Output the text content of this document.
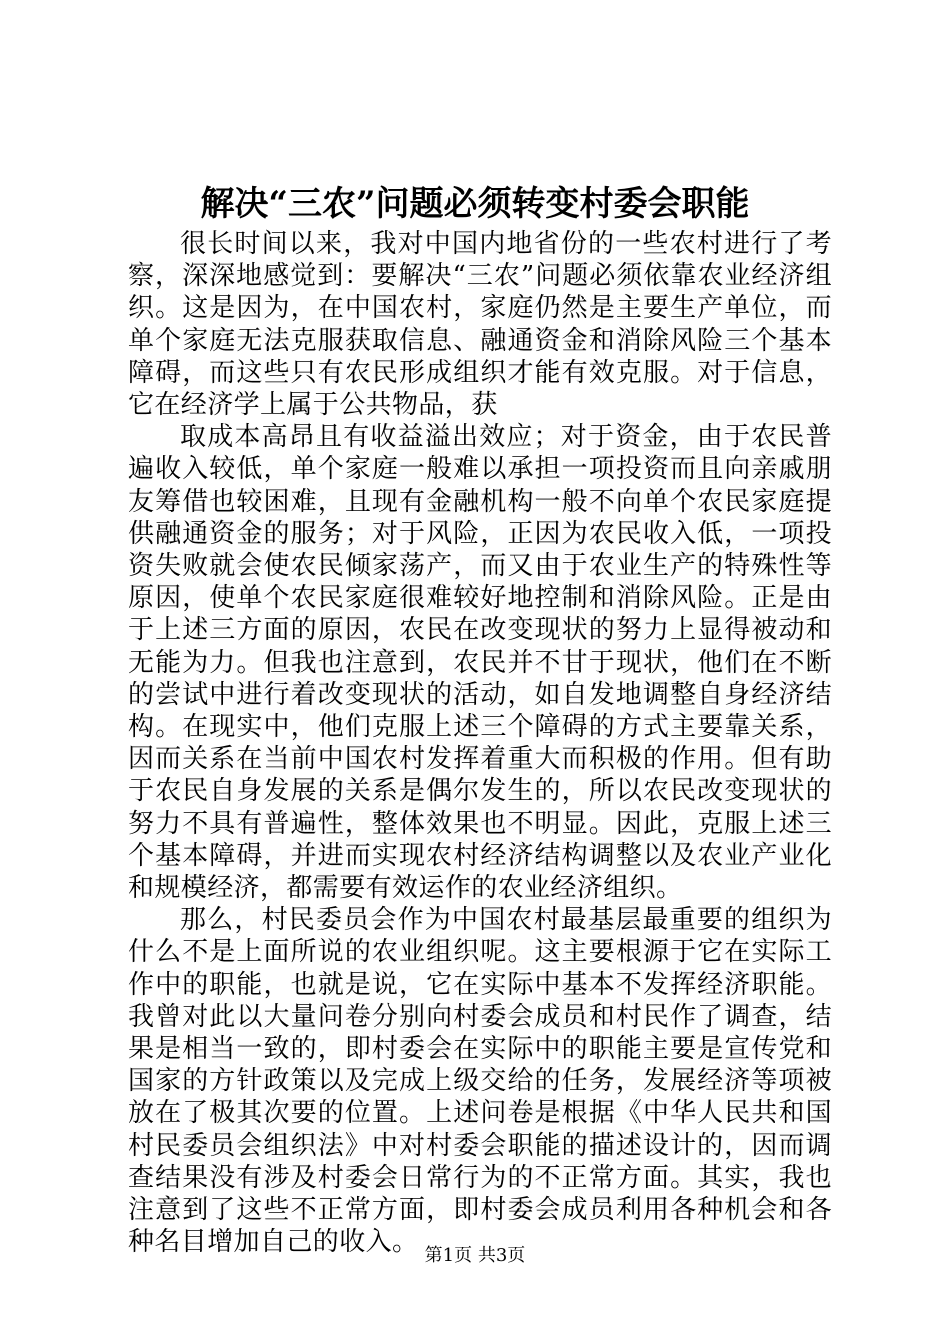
解决“三农”问题必须转变村委会职能

很长时间以来，我对中国内地省份的一些农村进行了考察，深深地感觉到：要解决“三农”问题必须依靠农业经济组织。这是因为，在中国农村，家庭仍然是主要生产单位，而单个家庭无法克服获取信息、融通资金和消除风险三个基本障碍，而这些只有农民形成组织才能有效克服。对于信息，它在经济学上属于公共物品，获

取成本高昂且有收益溢出效应；对于资金，由于农民普遍收入较低，单个家庭一般难以承担一项投资而且向亲戚朋友筹借也较困难，且现有金融机构一般不向单个农民家庭提供融通资金的服务；对于风险，正因为农民收入低，一项投资失败就会使农民倾家荡产，而又由于农业生产的特殊性等原因，使单个农民家庭很难较好地控制和消除风险。正是由于上述三方面的原因，农民在改变现状的努力上显得被动和无能为力。但我也注意到，农民并不甘于现状，他们在不断的尝试中进行着改变现状的活动，如自发地调整自身经济结构。在现实中，他们克服上述三个障碍的方式主要靠关系，因而关系在当前中国农村发挥着重大而积极的作用。但有助于农民自身发展的关系是偶尔发生的，所以农民改变现状的努力不具有普遍性，整体效果也不明显。因此，克服上述三个基本障碍，并进而实现农村经济结构调整以及农业产业化和规模经济，都需要有效运作的农业经济组织。

那么，村民委员会作为中国农村最基层最重要的组织为什么不是上面所说的农业组织呢。这主要根源于它在实际工作中的职能，也就是说，它在实际中基本不发挥经济职能。我曾对此以大量问卷分别向村委会成员和村民作了调查，结果是相当一致的，即村委会在实际中的职能主要是宣传党和国家的方针政策以及完成上级交给的任务，发展经济等项被放在了极其次要的位置。上述问卷是根据《中华人民共和国村民委员会组织法》中对村委会职能的描述设计的，因而调查结果没有涉及村委会日常行为的不正常方面。其实，我也注意到了这些不正常方面，即村委会成员利用各种机会和各种名目增加自己的收入。 第1页 共3页
